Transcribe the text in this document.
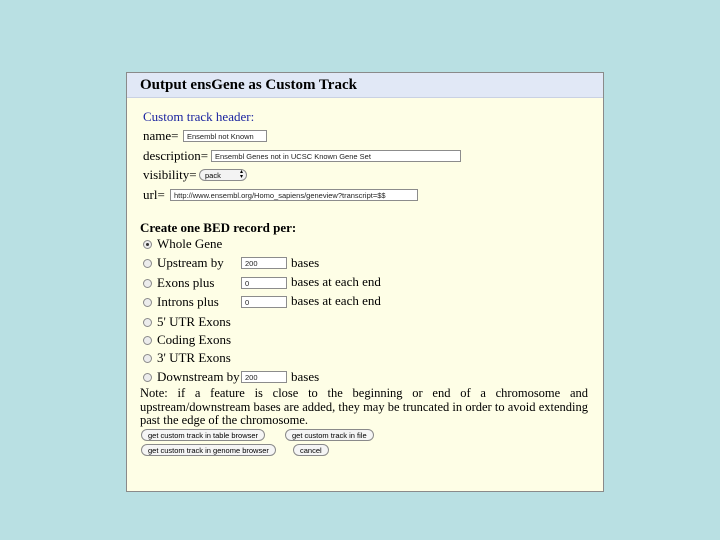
Output ensGene as Custom Track
Custom track header:
name=	Ensembl not Known
description= Ensembl Genes not in UCSC Known Gene Set
visibility=	pack	▴
▾
url=	http://www.ensembl.org/Homo_sapiens/geneview?transcript=$$
Create one BED record per:
Whole Gene
Upstream by	200	bases
Exons plus	0	bases at each end
Introns plus	0	bases at each end
5' UTR Exons
Coding Exons
3' UTR Exons
Downstream by 200	bases
Note: if a feature is close to the beginning or end of a chromosome and upstream/downstream bases are added, they may be truncated in order to avoid extending past the edge of the chromosome.
get custom track in table browser	get custom track in file
get custom track in genome browser	cancel
